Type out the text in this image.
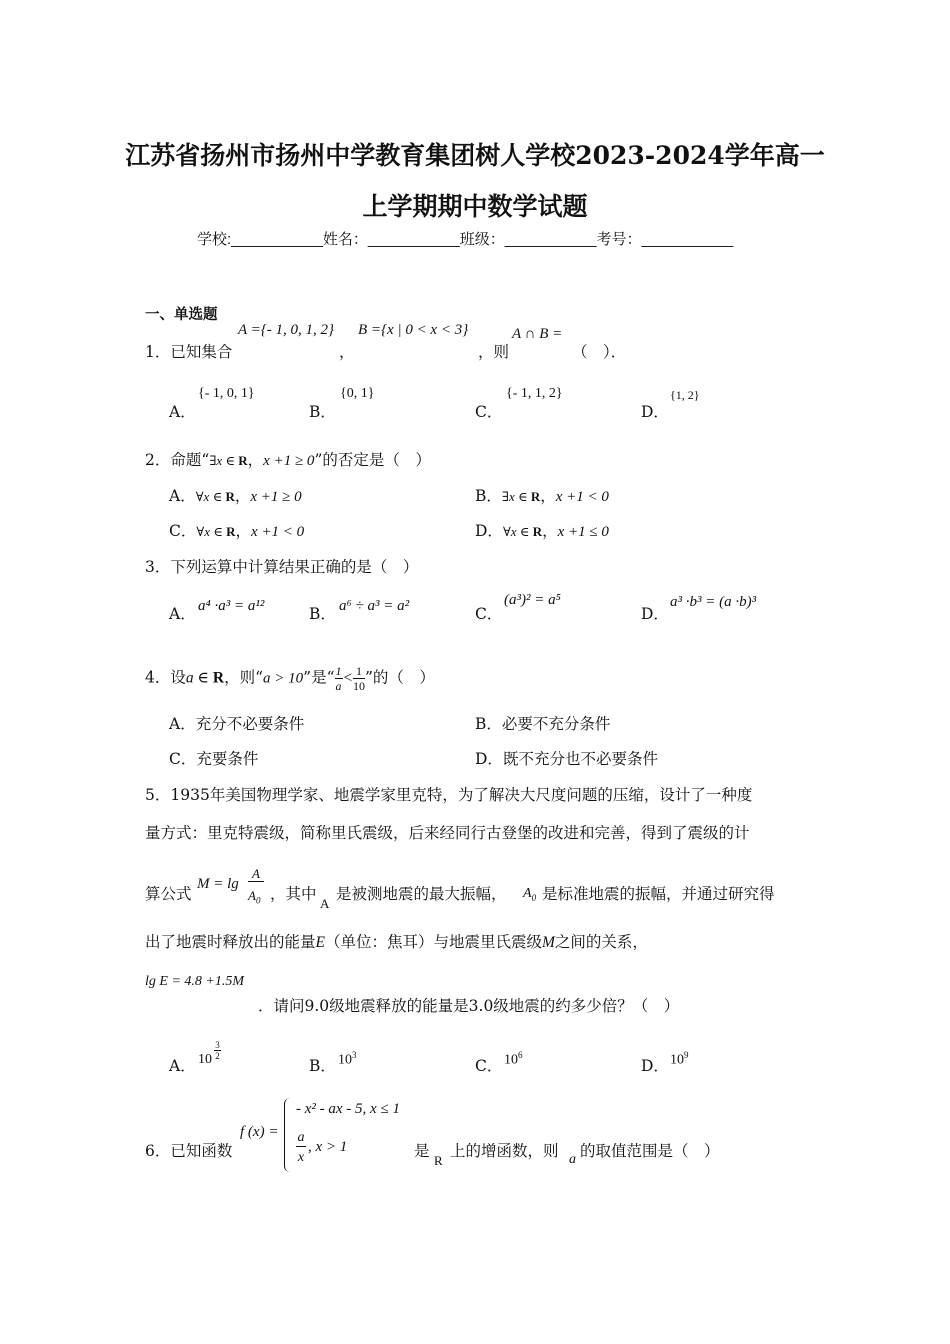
江苏省扬州市扬州中学教育集团树人学校2023-2024学年高一
上学期期中数学试题
学校:___________姓名：___________班级：___________考号：___________
一、单选题
1．已知集合
A ={- 1, 0, 1, 2}
，
B ={x | 0 < x < 3}
，则
A ∩ B =
（　）．
A．
{- 1, 0, 1}
B．
{0, 1}
C．
{- 1, 1, 2}
D．
{1, 2}
2．命题“∃x ∈ R，x +1 ≥ 0”的否定是（　）
A．∀x ∈ R，x +1 ≥ 0	B．∃x ∈ R，x +1 < 0
C．∀x ∈ R，x +1 < 0	D．∀x ∈ R，x +1 ≤ 0
3．下列运算中计算结果正确的是（　）
A． a⁴ ·a³ = a¹²	B． a⁶ ÷ a³ = a²	C．
(a³)² = a⁵
D．
a³ ·b³ = (a ·b)³
4．设a ∈ R，则“a > 10”是“ $\frac{1}{a} < \frac{1}{10}$ ”的（　）
A．充分不必要条件	B．必要不充分条件
C．充要条件	D．既不充分也不必要条件
5．1935年美国物理学家、地震学家里克特，为了解决大尺度问题的压缩，设计了一种度
量方式：里克特震级，简称里氏震级，后来经同行古登堡的改进和完善，得到了震级的计
算公式
M = lg
A
$A_0$ ，其中
A
是被测地震的最大振幅， $A_0$ 是标准地震的振幅，并通过研究得
出了地震时释放出的能量E（单位：焦耳）与地震里氏震级M之间的关系，
lg E = 4.8 +1.5M
．请问9.0级地震释放的能量是3.0级地震的约多少倍？（　）
A． 10
3
2
B． $10^3$
C． $10^6$
D． $10^9$
6．已知函数
f (x) =
- x² - ax - 5, x ≤ 1
a
x
, x > 1	是
R
上的增函数，则 a 的取值范围是（　）
